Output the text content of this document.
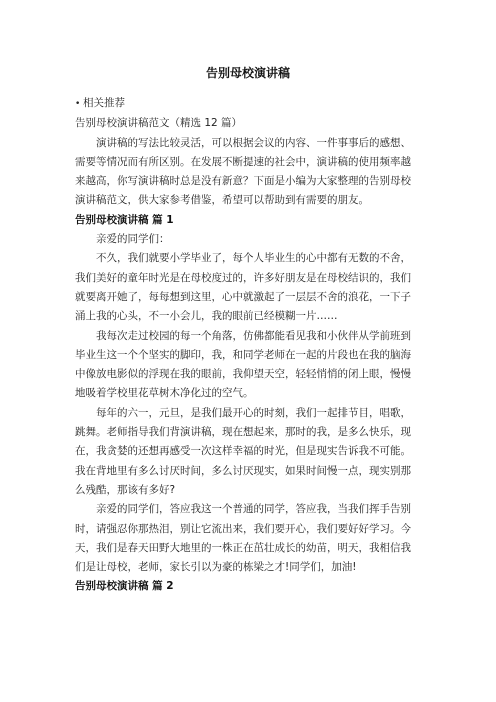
告别母校演讲稿

• 相关推荐

告别母校演讲稿范文（精选 12 篇）

演讲稿的写法比较灵活，可以根据会议的内容、一件事事后的感想、需要等情况而有所区别。在发展不断提速的社会中，演讲稿的使用频率越来越高，你写演讲稿时总是没有新意？下面是小编为大家整理的告别母校演讲稿范文，供大家参考借鉴，希望可以帮助到有需要的朋友。

告别母校演讲稿 篇 1

亲爱的同学们：

不久，我们就要小学毕业了，每个人毕业生的心中都有无数的不舍，我们美好的童年时光是在母校度过的，许多好朋友是在母校结识的，我们就要离开她了，每每想到这里，心中就激起了一层层不舍的浪花，一下子涌上我的心头，不一小会儿，我的眼前已经模糊一片……

我每次走过校园的每一个角落，仿佛都能看见我和小伙伴从学前班到毕业生这一个个坚实的脚印，我，和同学老师在一起的片段也在我的脑海中像放电影似的浮现在我的眼前，我仰望天空，轻轻悄悄的闭上眼，慢慢地吸着学校里花草树木净化过的空气。

每年的六一，元旦，是我们最开心的时刻，我们一起排节目，唱歌，跳舞。老师指导我们背演讲稿，现在想起来，那时的我，是多么快乐，现在，我贪婪的还想再感受一次这样幸福的时光，但是现实告诉我不可能。我在背地里有多么讨厌时间，多么讨厌现实，如果时间慢一点，现实别那么残酷，那该有多好?

亲爱的同学们，答应我这一个普通的同学，答应我，当我们挥手告别时，请强忍你那热泪，别让它流出来，我们要开心，我们要好好学习。今天，我们是春天田野大地里的一株正在茁壮成长的幼苗，明天，我相信我们是让母校，老师，家长引以为豪的栋梁之才!同学们，加油!

告别母校演讲稿 篇 2
